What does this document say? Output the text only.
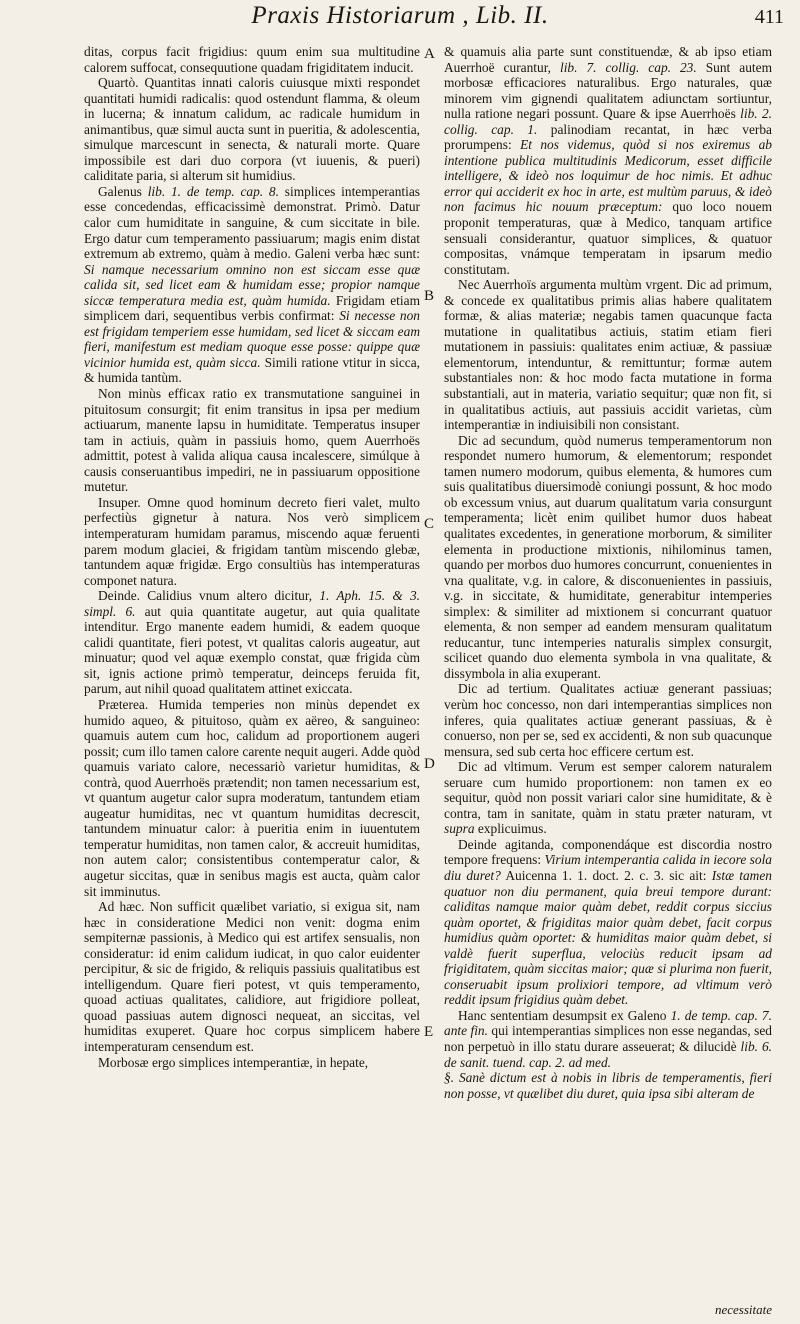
Praxis Historiarum , Lib. II.	411

ditas, corpus facit frigidius: quum enim sua multitudine calorem suffocat, consequutione quadam frigiditatem inducit.

Quartò. Quantitas innati caloris cuiusque mixti respondet quantitati humidi radicalis: quod ostendunt flamma, & oleum in lucerna; & innatum calidum, ac radicale humidum in animantibus, quæ simul aucta sunt in pueritia, & adolescentia, simulque marcescunt in senecta, & naturali morte. Quare impossibile est dari duo corpora (vt iuuenis, & pueri) caliditate paria, si alterum sit humidius.

Galenus lib. 1. de temp. cap. 8. simplices intemperantias esse concedendas, efficacissimè demonstrat. Primò. Datur calor cum humiditate in sanguine, & cum siccitate in bile. Ergo datur cum temperamento passiuarum; magis enim distat extremum ab extremo, quàm à medio. Galeni verba hæc sunt: Si namque necessarium omnino non est siccam esse quæ calida sit, sed licet eam & humidam esse; propior namque siccæ temperatura media est, quàm humida. Frigidam etiam simplicem dari, sequentibus verbis confirmat: Si necesse non est frigidam temperiem esse humidam, sed licet & siccam eam fieri, manifestum est mediam quoque esse posse: quippe quæ vicinior humida est, quàm sicca. Simili ratione vtitur in sicca, & humida tantùm.

Non minùs efficax ratio ex transmutatione sanguinei in pituitosum consurgit; fit enim transitus in ipsa per medium actiuarum, manente lapsu in humiditate. Temperatus insuper tam in actiuis, quàm in passiuis homo, quem Auerrhoës admittit, potest à valida aliqua causa incalescere, simúlque à causis conseruantibus impediri, ne in passiuarum oppositione mutetur.

Insuper. Omne quod hominum decreto fieri valet, multo perfectiùs gignetur à natura. Nos verò simplicem intemperaturam humidam paramus, miscendo aquæ feruenti parem modum glaciei, & frigidam tantùm miscendo glebæ, tantundem aquæ frigidæ. Ergo consultiùs has intemperaturas componet natura.

Deinde. Calidius vnum altero dicitur, 1. Aph. 15. & 3. simpl. 6. aut quia quantitate augetur, aut quia qualitate intenditur. Ergo manente eadem humidi, & eadem quoque calidi quantitate, fieri potest, vt qualitas caloris augeatur, aut minuatur; quod vel aquæ exemplo constat, quæ frigida cùm sit, ignis actione primò temperatur, deinceps feruida fit, parum, aut nihil quoad qualitatem attinet exiccata.

Præterea. Humida temperies non minùs dependet ex humido aqueo, & pituitoso, quàm ex aëreo, & sanguineo: quamuis autem cum hoc, calidum ad proportionem augeri possit; cum illo tamen calore carente nequit augeri. Adde quòd quamuis variato calore, necessariò varietur humiditas, & contrà, quod Auerrhoës prætendit; non tamen necessarium est, vt quantum augetur calor supra moderatum, tantundem etiam augeatur humiditas, nec vt quantum humiditas decrescit, tantundem minuatur calor: à pueritia enim in iuuentutem temperatur humiditas, non tamen calor, & accreuit humiditas, non autem calor; consistentibus contemperatur calor, & augetur siccitas, quæ in senibus magis est aucta, quàm calor sit imminutus.

Ad hæc. Non sufficit quælibet variatio, si exigua sit, nam hæc in consideratione Medici non venit: dogma enim sempiternæ passionis, à Medico qui est artifex sensualis, non consideratur: id enim calidum iudicat, in quo calor euidenter percipitur, & sic de frigido, & reliquis passiuis qualitatibus est intelligendum. Quare fieri potest, vt quis temperamento, quoad actiuas qualitates, calidiore, aut frigidiore polleat, quoad passiuas autem dignosci nequeat, an siccitas, vel humiditas exuperet. Quare hoc corpus simplicem habere intemperaturam censendum est.

Morbosæ ergo simplices intemperantiæ, in hepate,

A
B
C
D
E

& quamuis alia parte sunt constituendæ, & ab ipso etiam Auerrhoë curantur, lib. 7. collig. cap. 23. Sunt autem morbosæ efficaciores naturalibus. Ergo naturales, quæ minorem vim gignendi qualitatem adiunctam sortiuntur, nulla ratione negari possunt. Quare & ipse Auerrhoës lib. 2. collig. cap. 1. palinodiam recantat, in hæc verba prorumpens: Et nos videmus, quòd si nos exiremus ab intentione publica multitudinis Medicorum, esset difficile intelligere, & ideò nos loquimur de hoc nimis. Et adhuc error qui acciderit ex hoc in arte, est multùm paruus, & ideò non facimus hic nouum præceptum: quo loco nouem proponit temperaturas, quæ à Medico, tanquam artifice sensuali considerantur, quatuor simplices, & quatuor compositas, vnámque temperatam in ipsarum medio constitutam.

Nec Auerrhoïs argumenta multùm vrgent. Dic ad primum, & concede ex qualitatibus primis alias habere qualitatem formæ, & alias materiæ; negabis tamen quacunque facta mutatione in qualitatibus actiuis, statim etiam fieri mutationem in passiuis: qualitates enim actiuæ, & passiuæ elementorum, intenduntur, & remittuntur; formæ autem substantiales non: & hoc modo facta mutatione in forma substantiali, aut in materia, variatio sequitur; quæ non fit, si in qualitatibus actiuis, aut passiuis accidit varietas, cùm intemperantiæ in indiuisibili non consistant.

Dic ad secundum, quòd numerus temperamentorum non respondet numero humorum, & elementorum; respondet tamen numero modorum, quibus elementa, & humores cum suis qualitatibus diuersimodè coniungi possunt, & hoc modo ob excessum vnius, aut duarum qualitatum varia consurgunt temperamenta; licèt enim quilibet humor duos habeat qualitates excedentes, in generatione morborum, & similiter elementa in productione mixtionis, nihilominus tamen, quando per morbos duo humores concurrunt, conuenientes in vna qualitate, v.g. in calore, & disconuenientes in passiuis, v.g. in siccitate, & humiditate, generabitur intemperies simplex: & similiter ad mixtionem si concurrant quatuor elementa, & non semper ad eandem mensuram qualitatum reducantur, tunc intemperies naturalis simplex consurgit, scilicet quando duo elementa symbola in vna qualitate, & dissymbola in alia exuperant.

Dic ad tertium. Qualitates actiuæ generant passiuas; verùm hoc concesso, non dari intemperantias simplices non inferes, quia qualitates actiuæ generant passiuas, & è conuerso, non per se, sed ex accidenti, & non sub quacunque mensura, sed sub certa hoc efficere certum est.

Dic ad vltimum. Verum est semper calorem naturalem seruare cum humido proportionem: non tamen ex eo sequitur, quòd non possit variari calor sine humiditate, & è contra, tam in sanitate, quàm in statu præter naturam, vt supra explicuimus.

Deinde agitanda, componendáque est discordia nostro tempore frequens: Virium intemperantia calida in iecore sola diu duret? Auicenna 1. 1. doct. 2. c. 3. sic ait: Istæ tamen quatuor non diu permanent, quia breui tempore durant: caliditas namque maior quàm debet, reddit corpus siccius quàm oportet, & frigiditas maior quàm debet, facit corpus humidius quàm oportet: & humiditas maior quàm debet, si valdè fuerit superflua, velociùs reducit ipsam ad frigiditatem, quàm siccitas maior; quæ si plurima non fuerit, conseruabit ipsum prolixiori tempore, ad vltimum verò reddit ipsum frigidius quàm debet.

Hanc sententiam desumpsit ex Galeno 1. de temp. cap. 7. ante fin. qui intemperantias simplices non esse negandas, sed non perpetuò in illo statu durare asseuerat; & dilucidè lib. 6. de sanit. tuend. cap. 2. ad med.

§. Sanè dictum est à nobis in libris de temperamentis, fieri non posse, vt quælibet diu duret, quia ipsa sibi alteram de

necessitate
